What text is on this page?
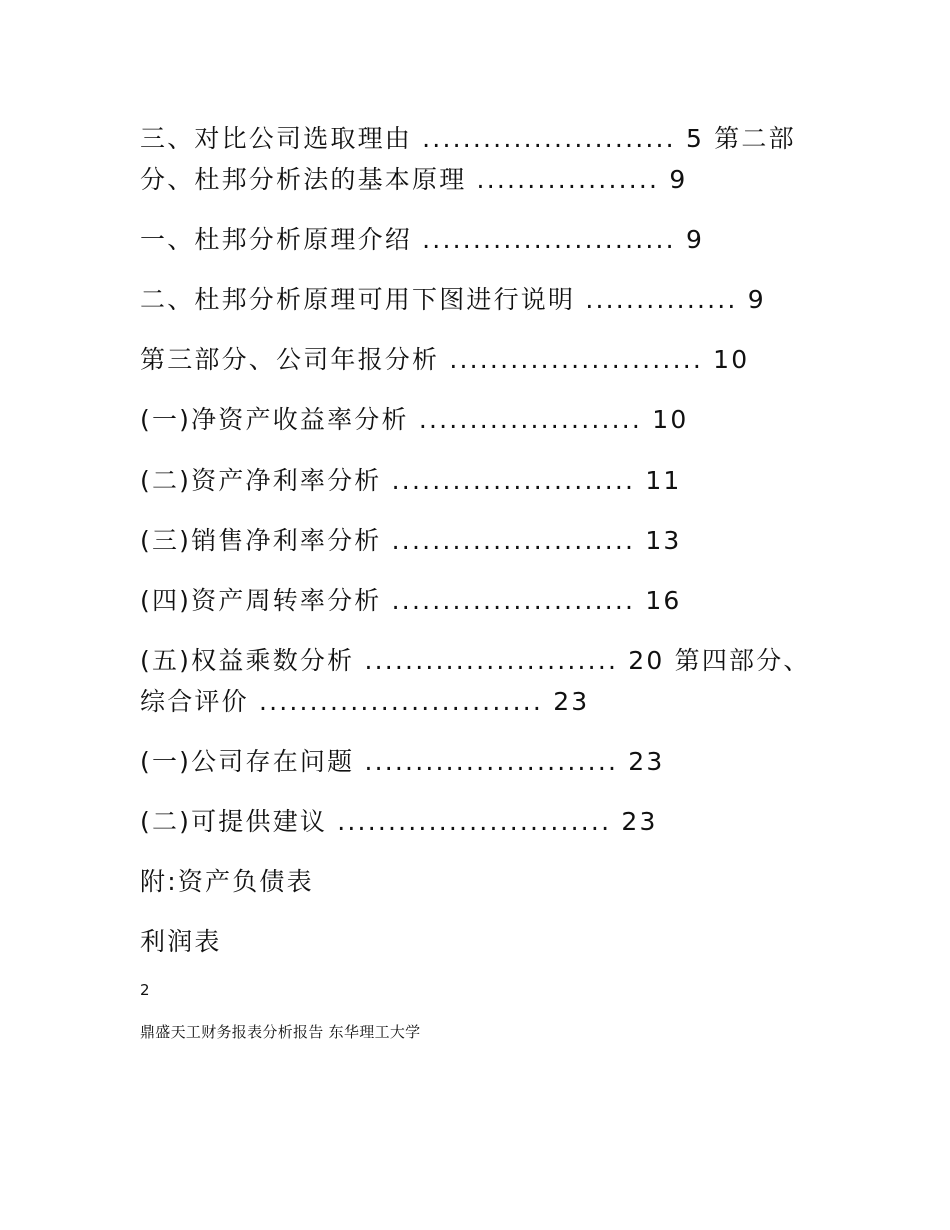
三、对比公司选取理由 ......................... 5 第二部
分、杜邦分析法的基本原理 .................. 9
一、杜邦分析原理介绍 ......................... 9
二、杜邦分析原理可用下图进行说明 ............... 9
第三部分、公司年报分析 ......................... 10
(一)净资产收益率分析 ...................... 10
(二)资产净利率分析 ........................ 11
(三)销售净利率分析 ........................ 13
(四)资产周转率分析 ........................ 16
(五)权益乘数分析 ......................... 20 第四部分、
综合评价 ............................ 23
(一)公司存在问题 ......................... 23
(二)可提供建议 ........................... 23
附:资产负债表
利润表
2
鼎盛天工财务报表分析报告 东华理工大学
